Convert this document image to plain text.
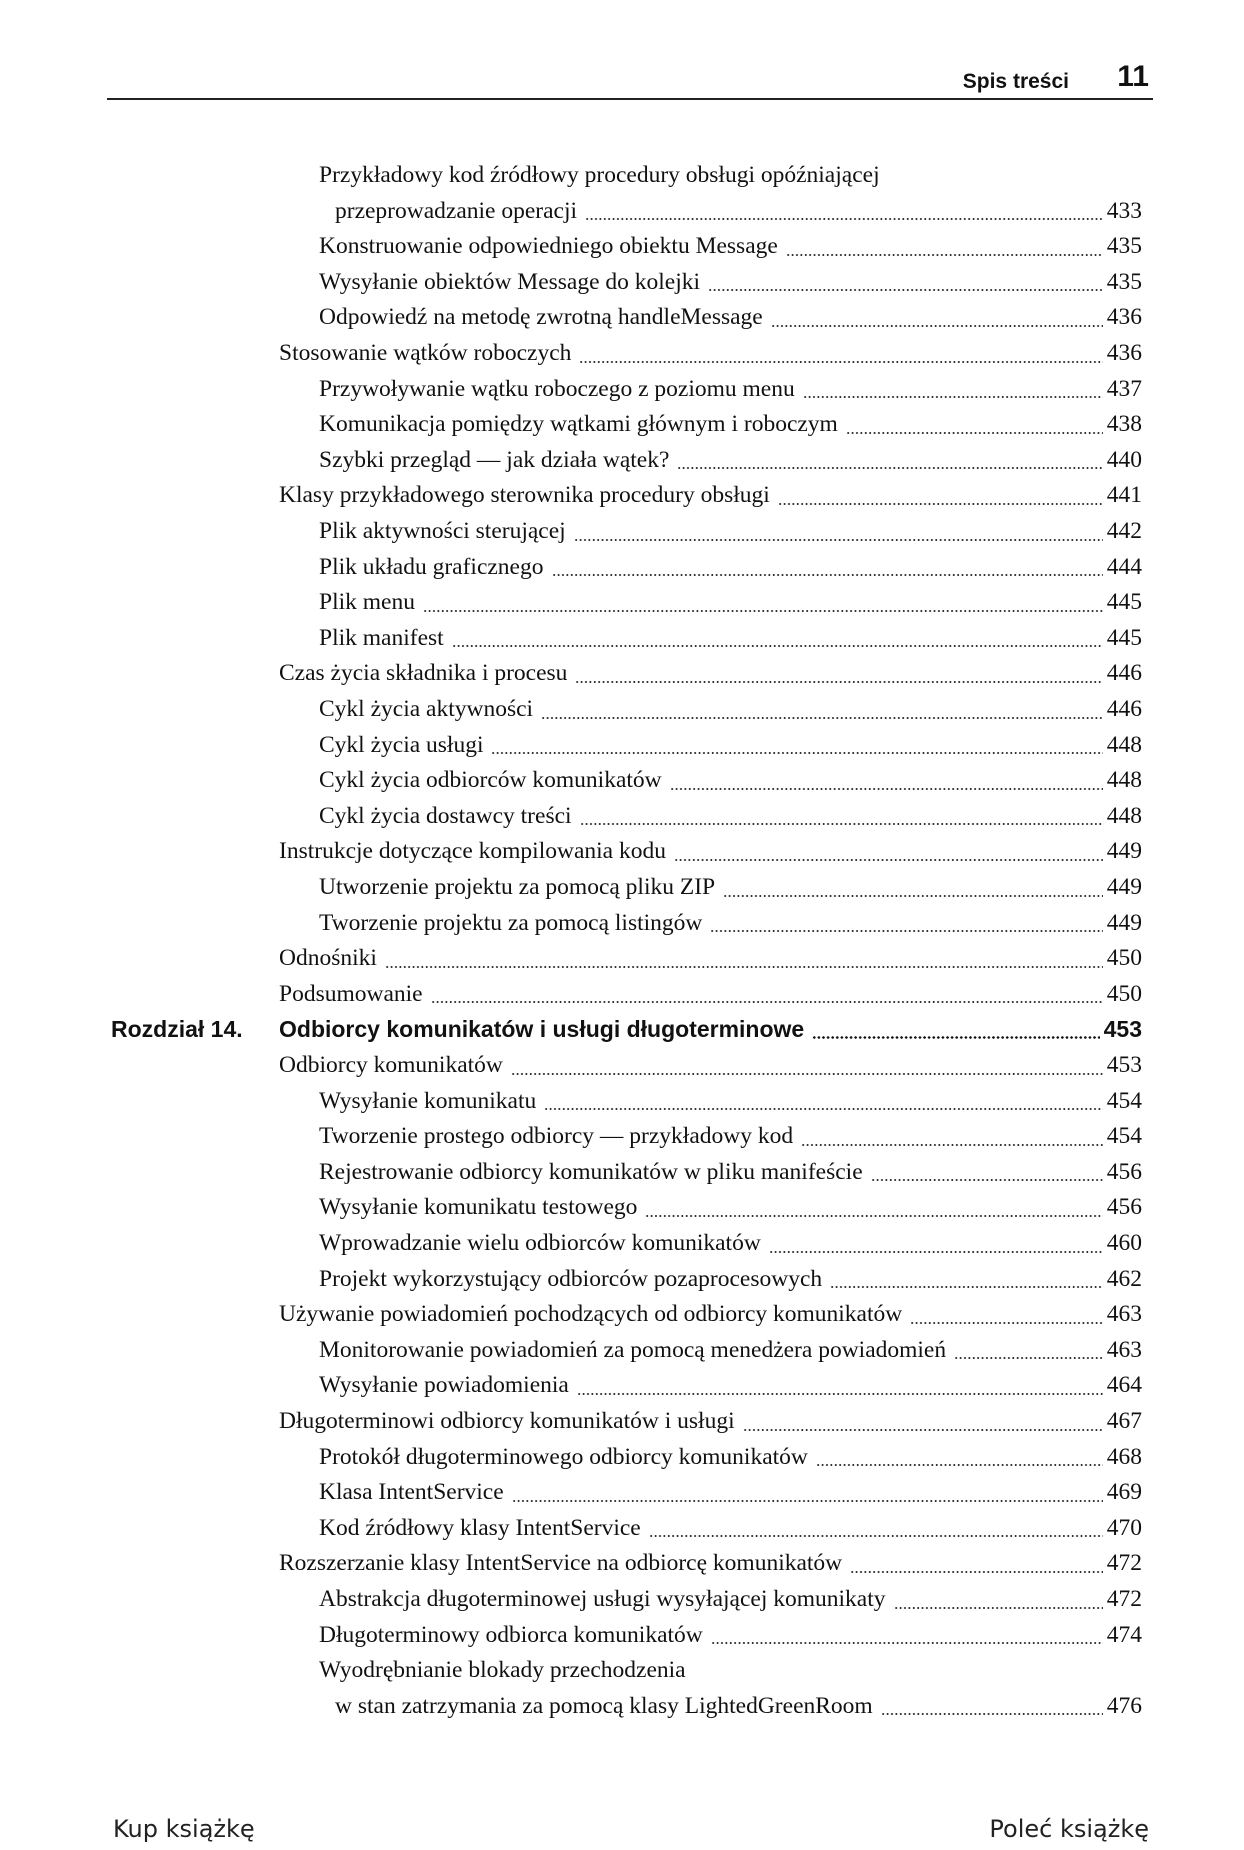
Spis treści 11
Przykładowy kod źródłowy procedury obsługi opóźniającej
przeprowadzanie operacji	433
Konstruowanie odpowiedniego obiektu Message	435
Wysyłanie obiektów Message do kolejki	435
Odpowiedź na metodę zwrotną handleMessage	436
Stosowanie wątków roboczych	436
Przywoływanie wątku roboczego z poziomu menu	437
Komunikacja pomiędzy wątkami głównym i roboczym	438
Szybki przegląd — jak działa wątek?	440
Klasy przykładowego sterownika procedury obsługi	441
Plik aktywności sterującej	442
Plik układu graficznego	444
Plik menu	445
Plik manifest	445
Czas życia składnika i procesu	446
Cykl życia aktywności	446
Cykl życia usługi	448
Cykl życia odbiorców komunikatów	448
Cykl życia dostawcy treści	448
Instrukcje dotyczące kompilowania kodu	449
Utworzenie projektu za pomocą pliku ZIP	449
Tworzenie projektu za pomocą listingów	449
Odnośniki	450
Podsumowanie	450
Rozdział 14. Odbiorcy komunikatów i usługi długoterminowe	453
Odbiorcy komunikatów	453
Wysyłanie komunikatu	454
Tworzenie prostego odbiorcy — przykładowy kod	454
Rejestrowanie odbiorcy komunikatów w pliku manifeście	456
Wysyłanie komunikatu testowego	456
Wprowadzanie wielu odbiorców komunikatów	460
Projekt wykorzystujący odbiorców pozaprocesowych	462
Używanie powiadomień pochodzących od odbiorcy komunikatów	463
Monitorowanie powiadomień za pomocą menedżera powiadomień	463
Wysyłanie powiadomienia	464
Długoterminowi odbiorcy komunikatów i usługi	467
Protokół długoterminowego odbiorcy komunikatów	468
Klasa IntentService	469
Kod źródłowy klasy IntentService	470
Rozszerzanie klasy IntentService na odbiorcę komunikatów	472
Abstrakcja długoterminowej usługi wysyłającej komunikaty	472
Długoterminowy odbiorca komunikatów	474
Wyodrębnianie blokady przechodzenia
w stan zatrzymania za pomocą klasy LightedGreenRoom	476
Kup książkę	Poleć książkę
